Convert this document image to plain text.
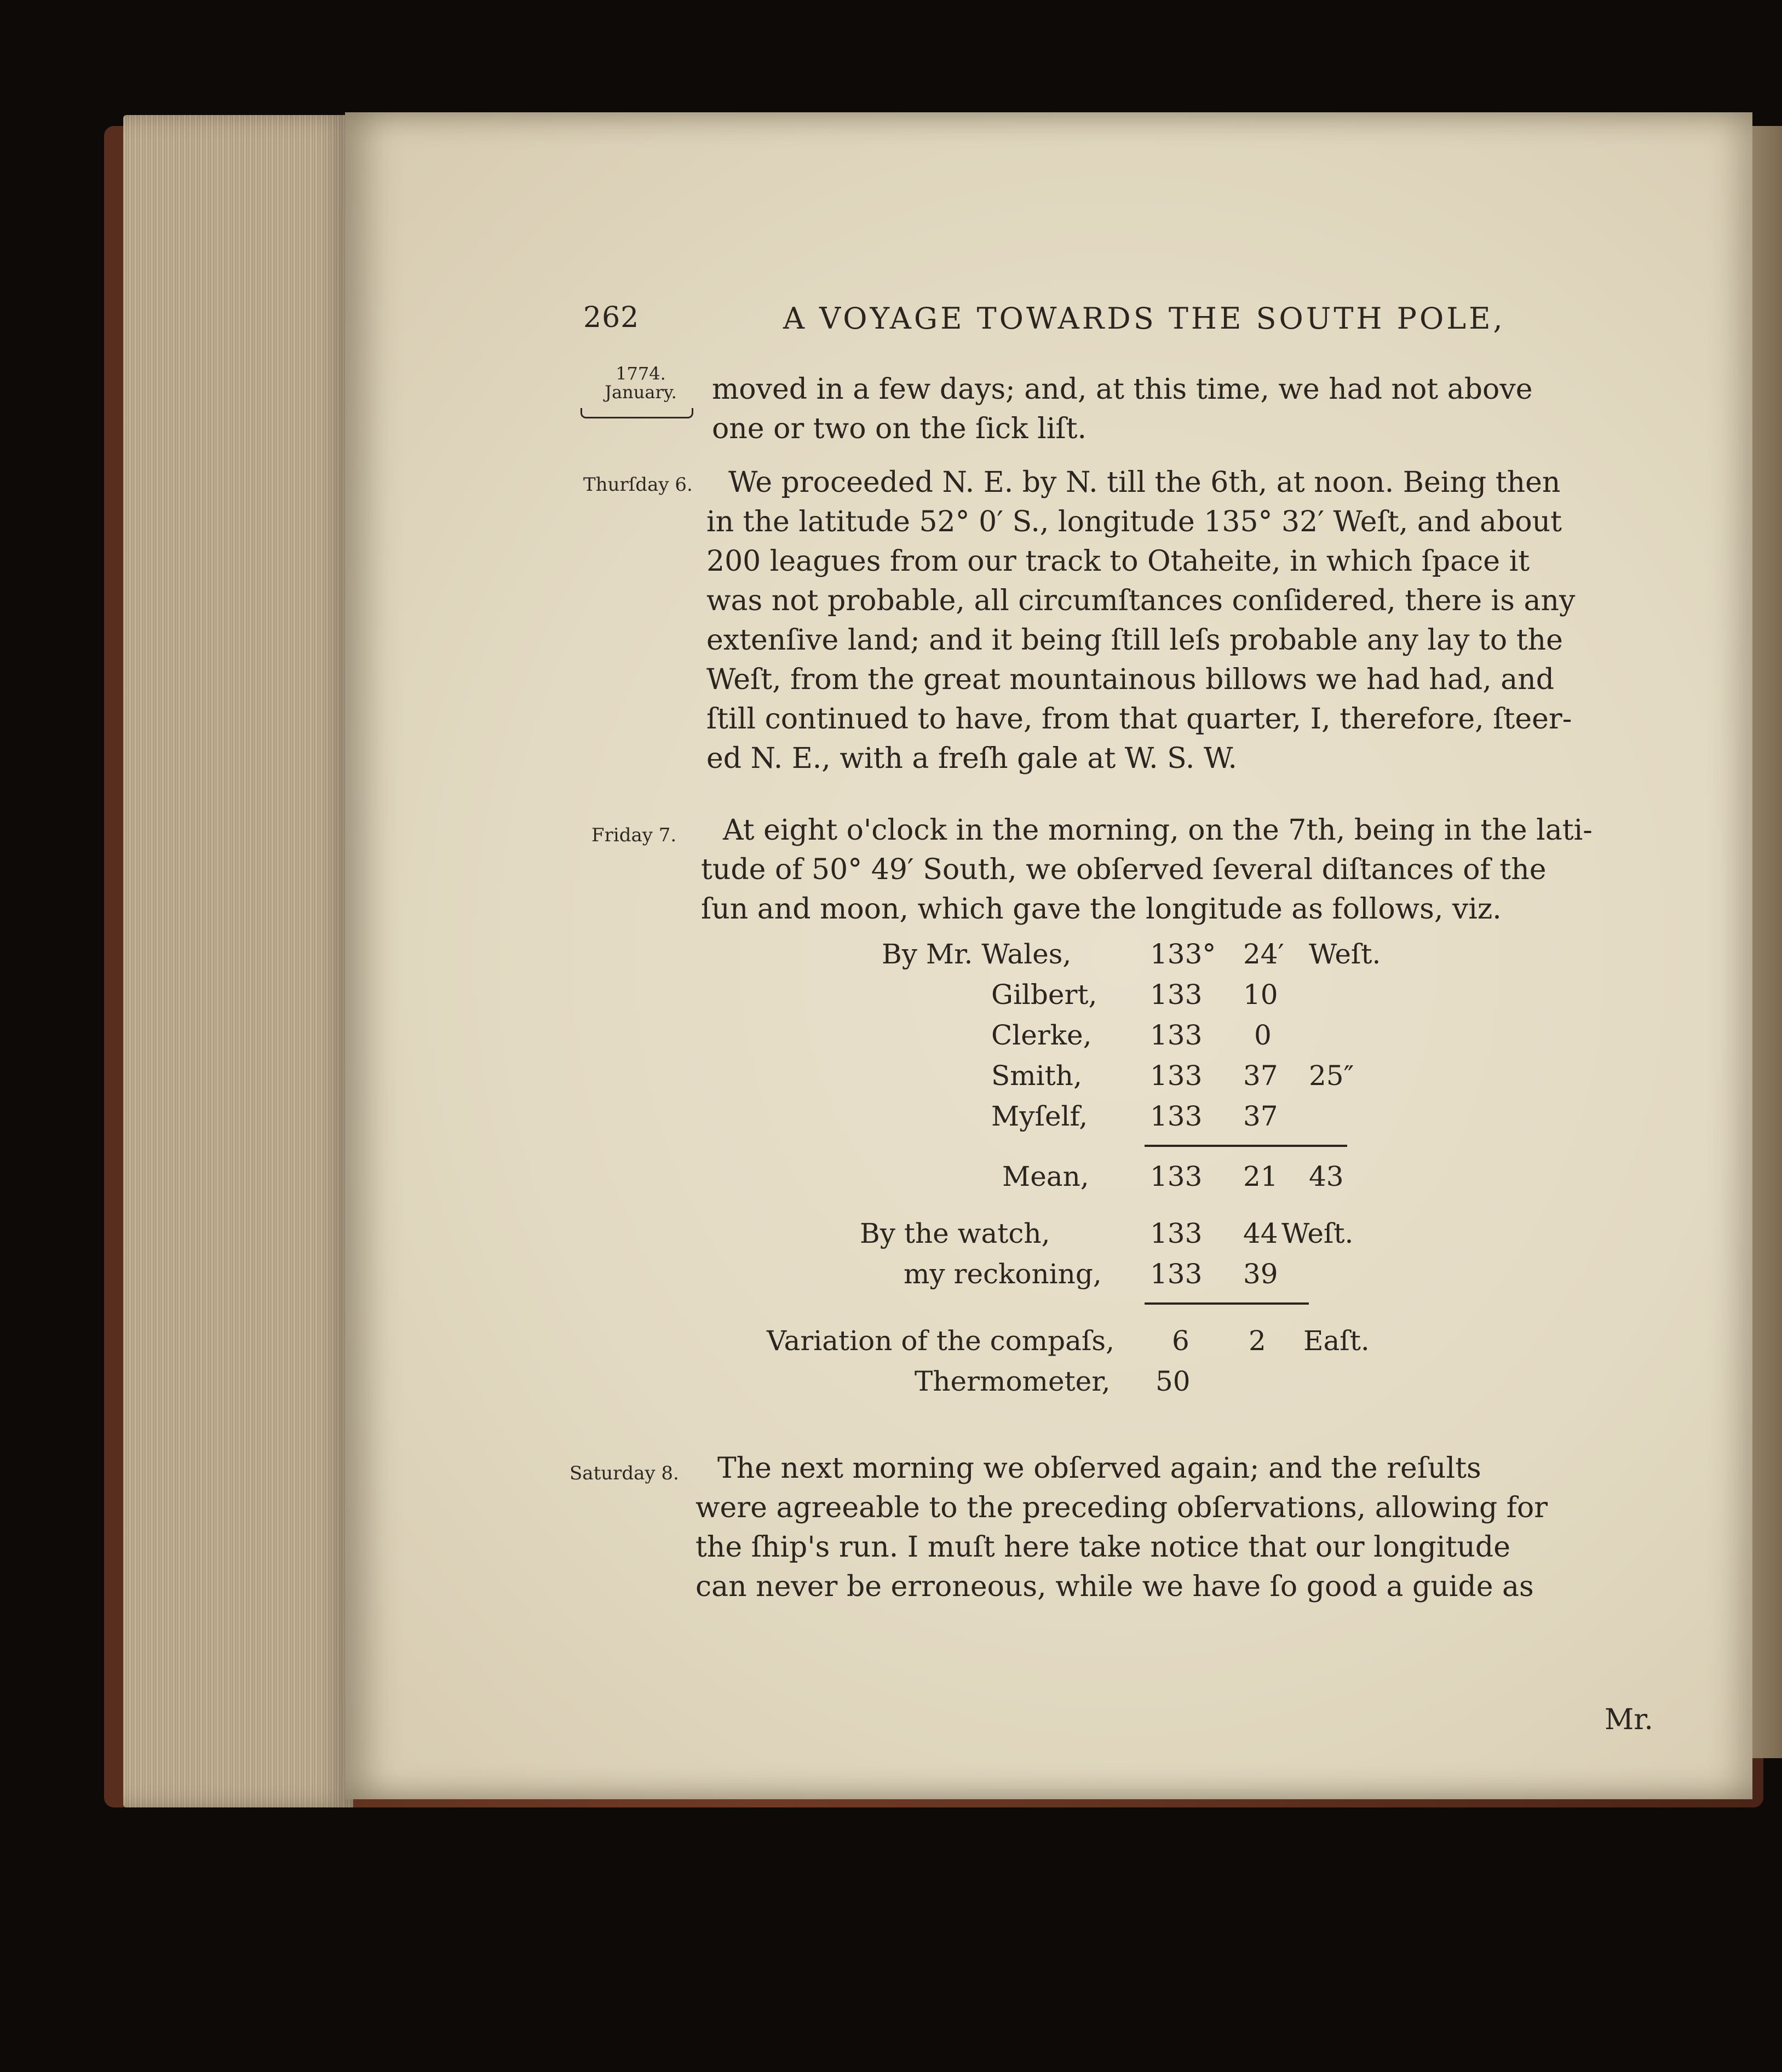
262	A VOYAGE TOWARDS THE SOUTH POLE,
1774.
January.	moved in a few days; and, at this time, we had not above
one or two on the ſick liſt.
Thurſday 6.	We proceeded N. E. by N. till the 6th, at noon. Being then
in the latitude 52° 0′ S., longitude 135° 32′ Weſt, and about
200 leagues from our track to Otaheite, in which ſpace it
was not probable, all circumſtances conſidered, there is any
extenſive land; and it being ſtill leſs probable any lay to the
Weſt, from the great mountainous billows we had had, and
ſtill continued to have, from that quarter, I, therefore, ſteer-
ed N. E., with a freſh gale at W. S. W.
Friday 7.	At eight o'clock in the morning, on the 7th, being in the lati-
tude of 50° 49′ South, we obſerved ſeveral diſtances of the
ſun and moon, which gave the longitude as follows, viz.
By Mr. Wales,	133° 24′ Weſt.
Gilbert, 133 10
Clerke, 133 0
Smith, 133 37 25″
Myſelf, 133 37
Mean, 133 21 43
By the watch,	133 44 Weſt.
my reckoning, 133 39
Variation of the compaſs, 6 2 Eaſt.
Thermometer, 50
Saturday 8.	The next morning we obſerved again; and the reſults
were agreeable to the preceding obſervations, allowing for
the ſhip's run. I muſt here take notice that our longitude
can never be erroneous, while we have ſo good a guide as
Mr.
